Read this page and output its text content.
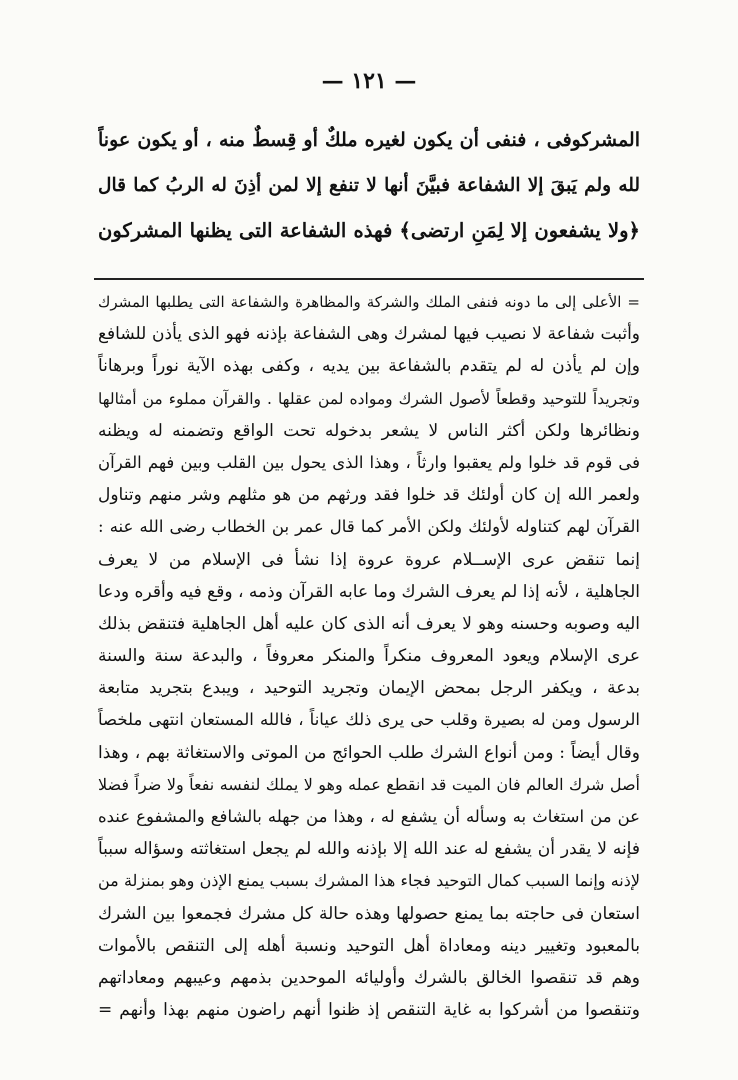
— ١٢١ —
المشركوفى ، فنفى أن يكون لغيره ملكٌ أو قِسطٌ منه ، أو يكون عوناً
لله ولم يَبقَ إلا الشفاعة فبيَّنَ أنها لا تنفع إلا لمن أذِنَ له الربُ كما قال
﴿ولا يشفعون إلا لِمَنِ ارتضى﴾ فهذه الشفاعة التى يظنها المشركون
= الأعلى إلى ما دونه فنفى الملك والشركة والمظاهرة والشفاعة التى يطلبها المشرك
وأثبت شفاعة لا نصيب فيها لمشرك وهى الشفاعة بإذنه فهو الذى يأذن للشافع
وإن لم يأذن له لم يتقدم بالشفاعة بين يديه ، وكفى بهذه الآية نوراً وبرهاناً
وتجريداً للتوحيد وقطعاً لأصول الشرك ومواده لمن عقلها . والقرآن مملوء من أمثالها
ونظائرها ولكن أكثر الناس لا يشعر بدخوله تحت الواقع وتضمنه له ويظنه
فى قوم قد خلوا ولم يعقبوا وارثاً ، وهذا الذى يحول بين القلب وبين فهم القرآن
ولعمر الله إن كان أولئك قد خلوا فقد ورثهم من هو مثلهم وشر منهم وتناول
القرآن لهم كتناوله لأولئك ولكن الأمر كما قال عمر بن الخطاب رضى الله عنه :
إنما تنقض عرى الإســلام عروة عروة إذا نشأ فى الإسلام من لا يعرف
الجاهلية ، لأنه إذا لم يعرف الشرك وما عابه القرآن وذمه ، وقع فيه وأقره ودعا
اليه وصوبه وحسنه وهو لا يعرف أنه الذى كان عليه أهل الجاهلية فتنقض بذلك
عرى الإسلام ويعود المعروف منكراً والمنكر معروفاً ، والبدعة سنة والسنة
بدعة ، ويكفر الرجل بمحض الإيمان وتجريد التوحيد ، ويبدع بتجريد متابعة
الرسول ومن له بصيرة وقلب حى يرى ذلك عياناً ، فالله المستعان انتهى ملخصاً
وقال أيضاً : ومن أنواع الشرك طلب الحوائج من الموتى والاستغاثة بهم ، وهذا
أصل شرك العالم فان الميت قد انقطع عمله وهو لا يملك لنفسه نفعاً ولا ضراً فضلا
عن من استغاث به وسأله أن يشفع له ، وهذا من جهله بالشافع والمشفوع عنده
فإنه لا يقدر أن يشفع له عند الله إلا بإذنه والله لم يجعل استغاثته وسؤاله سبباً
لإذنه وإنما السبب كمال التوحيد فجاء هذا المشرك بسبب يمنع الإذن وهو بمنزلة من
استعان فى حاجته بما يمنع حصولها وهذه حالة كل مشرك فجمعوا بين الشرك
بالمعبود وتغيير دينه ومعاداة أهل التوحيد ونسبة أهله إلى التنقص بالأموات
وهم قد تنقصوا الخالق بالشرك وأوليائه الموحدين بذمهم وعيبهم ومعاداتهم
وتنقصوا من أشركوا به غاية التنقص إذ ظنوا أنهم راضون منهم بهذا وأنهم =
